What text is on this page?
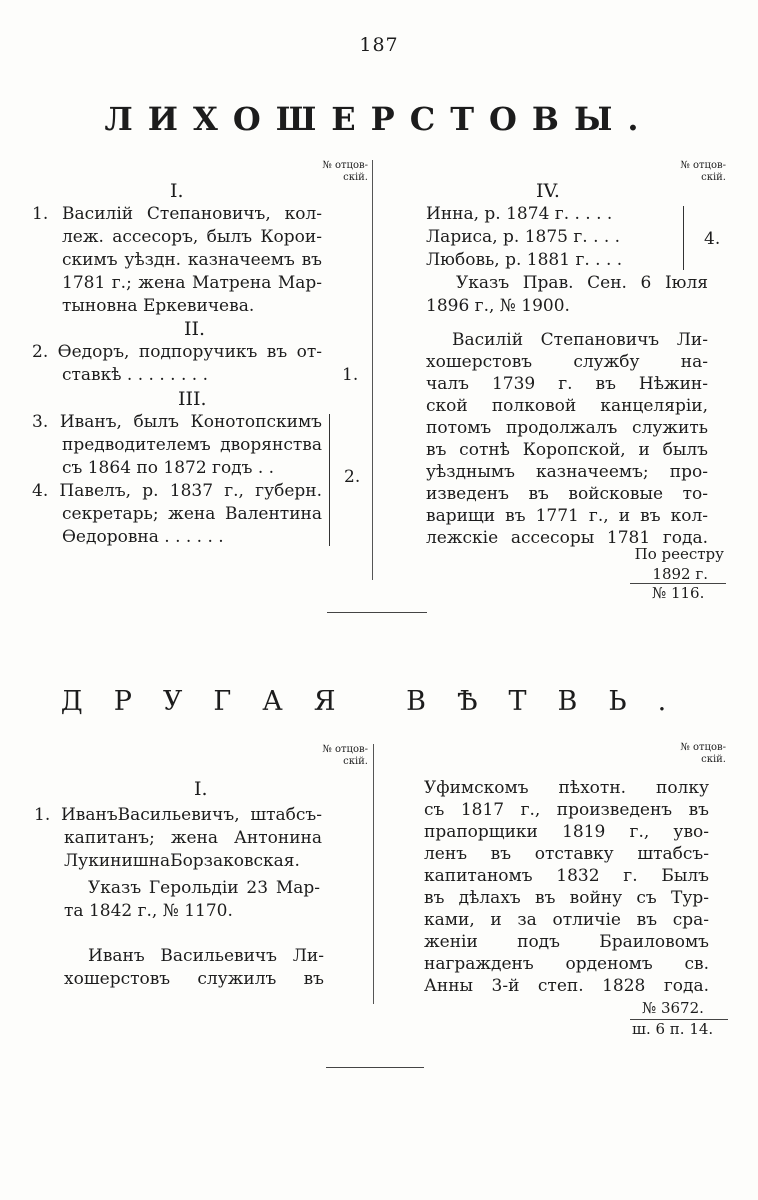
187
ЛИХОШЕРСТОВЫ.
№ отцов-
скій.
№ отцов-
скій.
I.
1. Василій Степановичъ, кол-
леж. ассесоръ, былъ Корои-
скимъ уѣздн. казначеемъ въ
1781 г.; жена Матрена Мар-
тыновна Еркевичева.
II.
2. Ѳедоръ, подпоручикъ въ от-
ставкѣ . . . . . . . .	1.
III.
3. Иванъ, былъ Конотопскимъ
предводителемъ дворянства
съ 1864 по 1872 годъ . .
4. Павелъ, р. 1837 г., губерн.
секретарь; жена Валентина
Ѳедоровна . . . . . .
2.
IV.
Инна, р. 1874 г. . . . .
Лариса, р. 1875 г. . . .
Любовь, р. 1881 г. . . .
4.
Указъ Прав. Сен. 6 Іюля
1896 г., № 1900.
Василій Степановичъ Ли-
хошерстовъ службу на-
чалъ 1739 г. въ Нѣжин-
ской полковой канцеляріи,
потомъ продолжалъ служить
въ сотнѣ Коропской, и былъ
уѣзднымъ казначеемъ; про-
изведенъ въ войсковые то-
варищи въ 1771 г., и въ кол-
лежскіе ассесоры 1781 года.
По реестру
1892 г.
№ 116.
ДРУГАЯ ВѢТВЬ.
№ отцов-
скій.
№ отцов-
скій.
I.
1. ИванъВасильевичъ, штабсъ-
капитанъ; жена Антонина
ЛукинишнаБорзаковская.
Указъ Герольдіи 23 Мар-
та 1842 г., № 1170.
Иванъ Васильевичъ Ли-
хошерстовъ служилъ въ
Уфимскомъ пѣхотн. полку
съ 1817 г., произведенъ въ
прапорщики 1819 г., уво-
ленъ въ отставку штабсъ-
капитаномъ 1832 г. Былъ
въ дѣлахъ въ войну съ Тур-
ками, и за отличіе въ сра-
женіи подъ Браиловомъ
награжденъ орденомъ св.
Анны 3-й степ. 1828 года.
№ 3672.
ш. 6 п. 14.
